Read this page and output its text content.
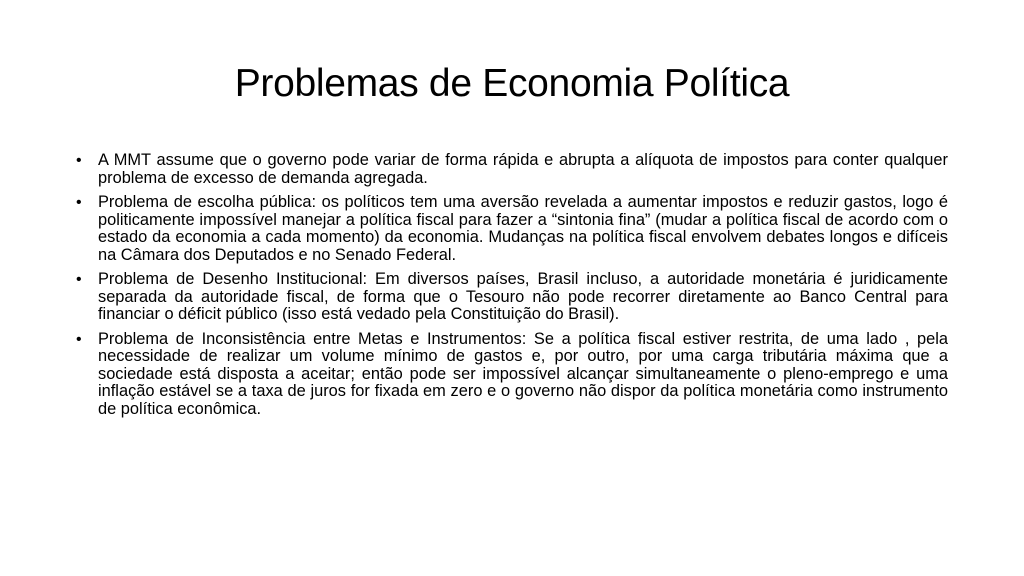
Problemas de Economia Política
• A MMT assume que o governo pode variar de forma rápida e abrupta a alíquota de impostos para conter qualquer problema de excesso de demanda agregada.
• Problema de escolha pública: os políticos tem uma aversão revelada a aumentar impostos e reduzir gastos, logo é politicamente impossível manejar a política fiscal para fazer a “sintonia fina” (mudar a política fiscal de acordo com o estado da economia a cada momento) da economia. Mudanças na política fiscal envolvem debates longos e difíceis na Câmara dos Deputados e no Senado Federal.
• Problema de Desenho Institucional: Em diversos países, Brasil incluso, a autoridade monetária é juridicamente separada da autoridade fiscal, de forma que o Tesouro não pode recorrer diretamente ao Banco Central para financiar o déficit público (isso está vedado pela Constituição do Brasil).
• Problema de Inconsistência entre Metas e Instrumentos: Se a política fiscal estiver restrita, de uma lado , pela necessidade de realizar um volume mínimo de gastos e, por outro, por uma carga tributária máxima que a sociedade está disposta a aceitar; então pode ser impossível alcançar simultaneamente o pleno-emprego e uma inflação estável se a taxa de juros for fixada em zero e o governo não dispor da política monetária como instrumento de política econômica.
